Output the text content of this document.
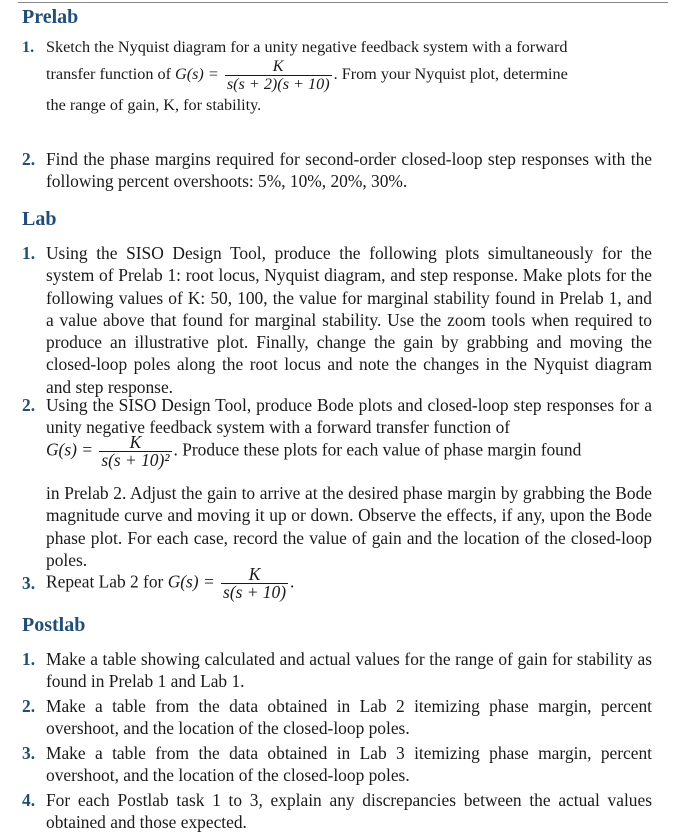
Prelab
1. Sketch the Nyquist diagram for a unity negative feedback system with a forward
transfer function of $G(s) = \frac{K}{s(s + 2)(s + 10)}$ . From your Nyquist plot, determine
the range of gain, K, for stability.
2. Find the phase margins required for second-order closed-loop step responses with the following percent overshoots: 5%, 10%, 20%, 30%.
Lab
1. Using the SISO Design Tool, produce the following plots simultaneously for the system of Prelab 1: root locus, Nyquist diagram, and step response. Make plots for the following values of K: 50, 100, the value for marginal stability found in Prelab 1, and a value above that found for marginal stability. Use the zoom tools when required to produce an illustrative plot. Finally, change the gain by grabbing and moving the closed-loop poles along the root locus and note the changes in the Nyquist diagram and step response.
2. Using the SISO Design Tool, produce Bode plots and closed-loop step responses for a unity negative feedback system with a forward transfer function of
$G(s) = \frac{K}{\text{s(s + 10)²}}$ . Produce these plots for each value of phase margin found
in Prelab 2. Adjust the gain to arrive at the desired phase margin by grabbing the Bode magnitude curve and moving it up or down. Observe the effects, if any, upon the Bode phase plot. For each case, record the value of gain and the location of the closed-loop poles.
3. Repeat Lab 2 for $G(s) = \frac{K}{s(s + 10)}$ .
Postlab
1. Make a table showing calculated and actual values for the range of gain for stability as found in Prelab 1 and Lab 1.
2. Make a table from the data obtained in Lab 2 itemizing phase margin, percent overshoot, and the location of the closed-loop poles.
3. Make a table from the data obtained in Lab 3 itemizing phase margin, percent overshoot, and the location of the closed-loop poles.
4. For each Postlab task 1 to 3, explain any discrepancies between the actual values obtained and those expected.
